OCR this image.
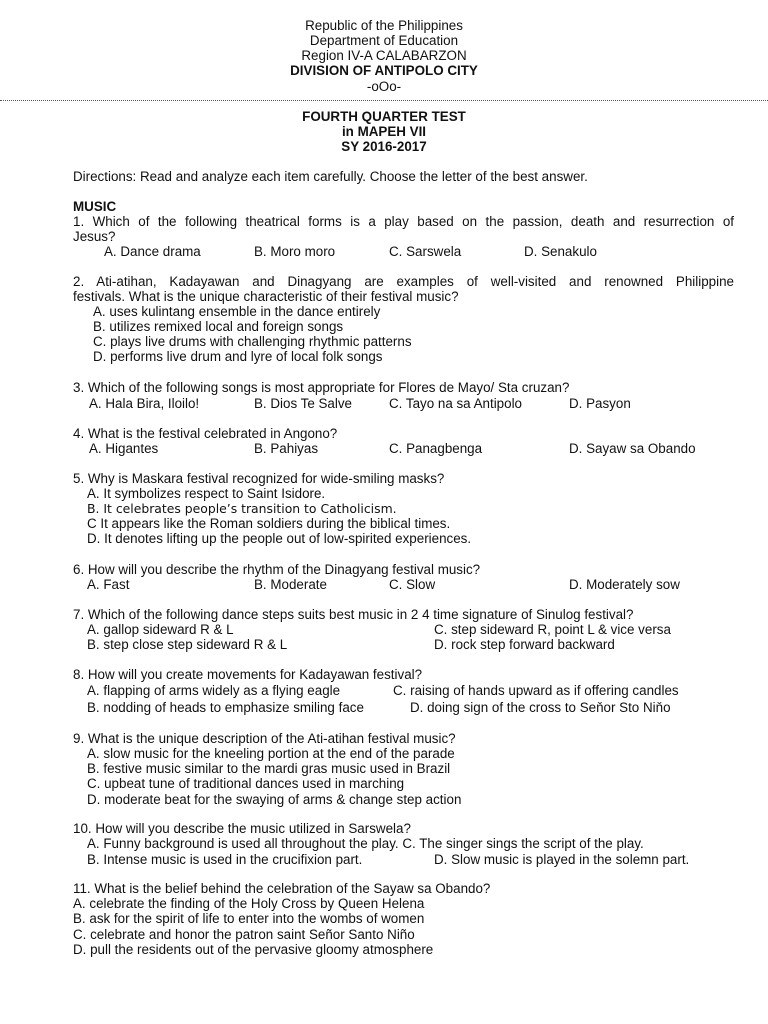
Republic of the Philippines
Department of Education
Region IV-A CALABARZON
DIVISION OF ANTIPOLO CITY
-oOo-
FOURTH QUARTER TEST
in MAPEH VII
SY 2016-2017
Directions: Read and analyze each item carefully. Choose the letter of the best answer.
MUSIC
1. Which of the following theatrical forms is a play based on the passion, death and resurrection of
Jesus?
A. Dance drama	B. Moro moro	C. Sarswela	D. Senakulo
2. Ati-atihan, Kadayawan and Dinagyang are examples of well-visited and renowned Philippine
festivals. What is the unique characteristic of their festival music?
A. uses kulintang ensemble in the dance entirely
B. utilizes remixed local and foreign songs
C. plays live drums with challenging rhythmic patterns
D. performs live drum and lyre of local folk songs
3. Which of the following songs is most appropriate for Flores de Mayo/ Sta cruzan?
A. Hala Bira, Iloilo!	B. Dios Te Salve	C. Tayo na sa Antipolo	D. Pasyon
4. What is the festival celebrated in Angono?
A. Higantes	B. Pahiyas	C. Panagbenga	D. Sayaw sa Obando
5. Why is Maskara festival recognized for wide-smiling masks?
A. It symbolizes respect to Saint Isidore.
B. It celebrates people’s transition to Catholicism.
C It appears like the Roman soldiers during the biblical times.
D. It denotes lifting up the people out of low-spirited experiences.
6. How will you describe the rhythm of the Dinagyang festival music?
A. Fast	B. Moderate	C. Slow	D. Moderately sow
7. Which of the following dance steps suits best music in 2 4 time signature of Sinulog festival?
A. gallop sideward R & L	C. step sideward R, point L & vice versa
B. step close step sideward R & L	D. rock step forward backward
8. How will you create movements for Kadayawan festival?
A. flapping of arms widely as a flying eagle	C. raising of hands upward as if offering candles
B. nodding of heads to emphasize smiling face	D. doing sign of the cross to Seňor Sto Niňo
9. What is the unique description of the Ati-atihan festival music?
A. slow music for the kneeling portion at the end of the parade
B. festive music similar to the mardi gras music used in Brazil
C. upbeat tune of traditional dances used in marching
D. moderate beat for the swaying of arms & change step action
10. How will you describe the music utilized in Sarswela?
A. Funny background is used all throughout the play. C. The singer sings the script of the play.
B. Intense music is used in the crucifixion part.	D. Slow music is played in the solemn part.
11. What is the belief behind the celebration of the Sayaw sa Obando?
A. celebrate the finding of the Holy Cross by Queen Helena
B. ask for the spirit of life to enter into the wombs of women
C. celebrate and honor the patron saint Señor Santo Niño
D. pull the residents out of the pervasive gloomy atmosphere
